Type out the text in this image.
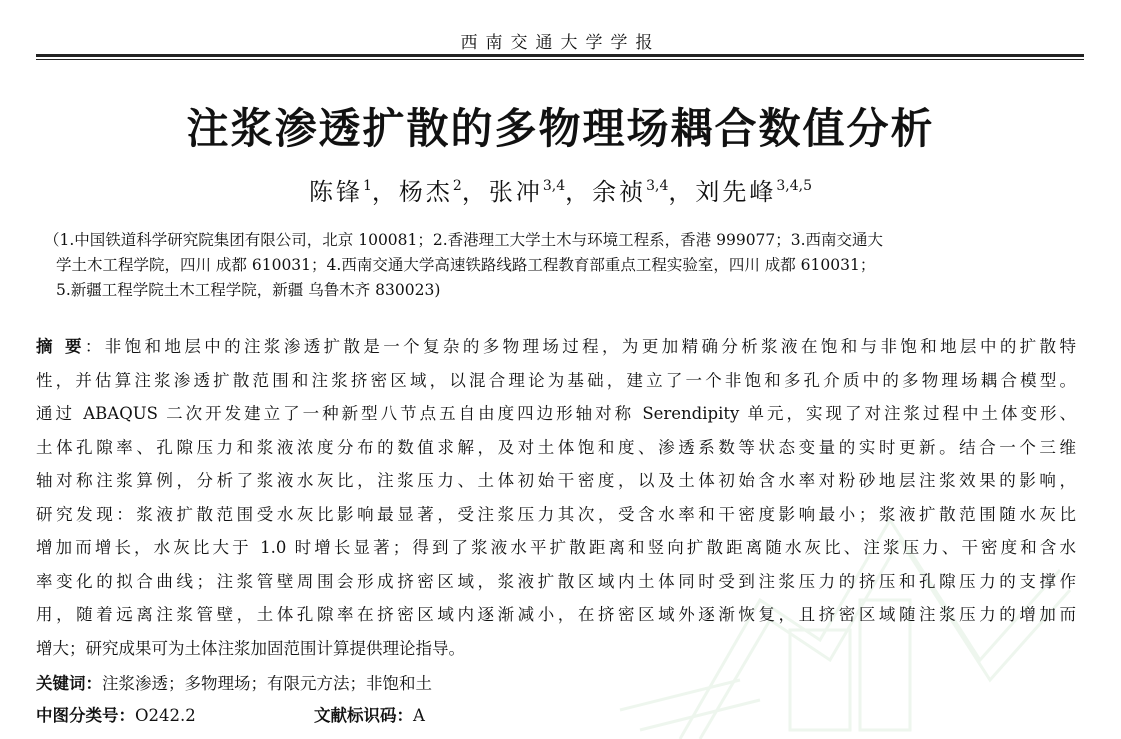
西南交通大学学报
注浆渗透扩散的多物理场耦合数值分析
陈锋$^1$，杨杰$^2$，张冲$^{3,4}$，余祯$^{3,4}$，刘先峰$^{3,4,5}$
（1.中国铁道科学研究院集团有限公司，北京 100081；2.香港理工大学土木与环境工程系，香港 999077；3.西南交通大
学土木工程学院，四川 成都 610031；4.西南交通大学高速铁路线路工程教育部重点工程实验室，四川 成都 610031；
5.新疆工程学院土木工程学院，新疆 乌鲁木齐 830023)
摘 要：非饱和地层中的注浆渗透扩散是一个复杂的多物理场过程，为更加精确分析浆液在饱和与非饱和地层中的扩散特
性，并估算注浆渗透扩散范围和注浆挤密区域，以混合理论为基础，建立了一个非饱和多孔介质中的多物理场耦合模型。
通过 ABAQUS 二次开发建立了一种新型八节点五自由度四边形轴对称 Serendipity 单元，实现了对注浆过程中土体变形、
土体孔隙率、孔隙压力和浆液浓度分布的数值求解，及对土体饱和度、渗透系数等状态变量的实时更新。结合一个三维
轴对称注浆算例，分析了浆液水灰比，注浆压力、土体初始干密度，以及土体初始含水率对粉砂地层注浆效果的影响，
研究发现：浆液扩散范围受水灰比影响最显著，受注浆压力其次，受含水率和干密度影响最小；浆液扩散范围随水灰比
增加而增长，水灰比大于 1.0 时增长显著；得到了浆液水平扩散距离和竖向扩散距离随水灰比、注浆压力、干密度和含水
率变化的拟合曲线；注浆管壁周围会形成挤密区域，浆液扩散区域内土体同时受到注浆压力的挤压和孔隙压力的支撑作
用，随着远离注浆管壁，土体孔隙率在挤密区域内逐渐减小，在挤密区域外逐渐恢复，且挤密区域随注浆压力的增加而
增大；研究成果可为土体注浆加固范围计算提供理论指导。
关键词：注浆渗透；多物理场；有限元方法；非饱和土
中图分类号：O242.2	文献标识码：A
